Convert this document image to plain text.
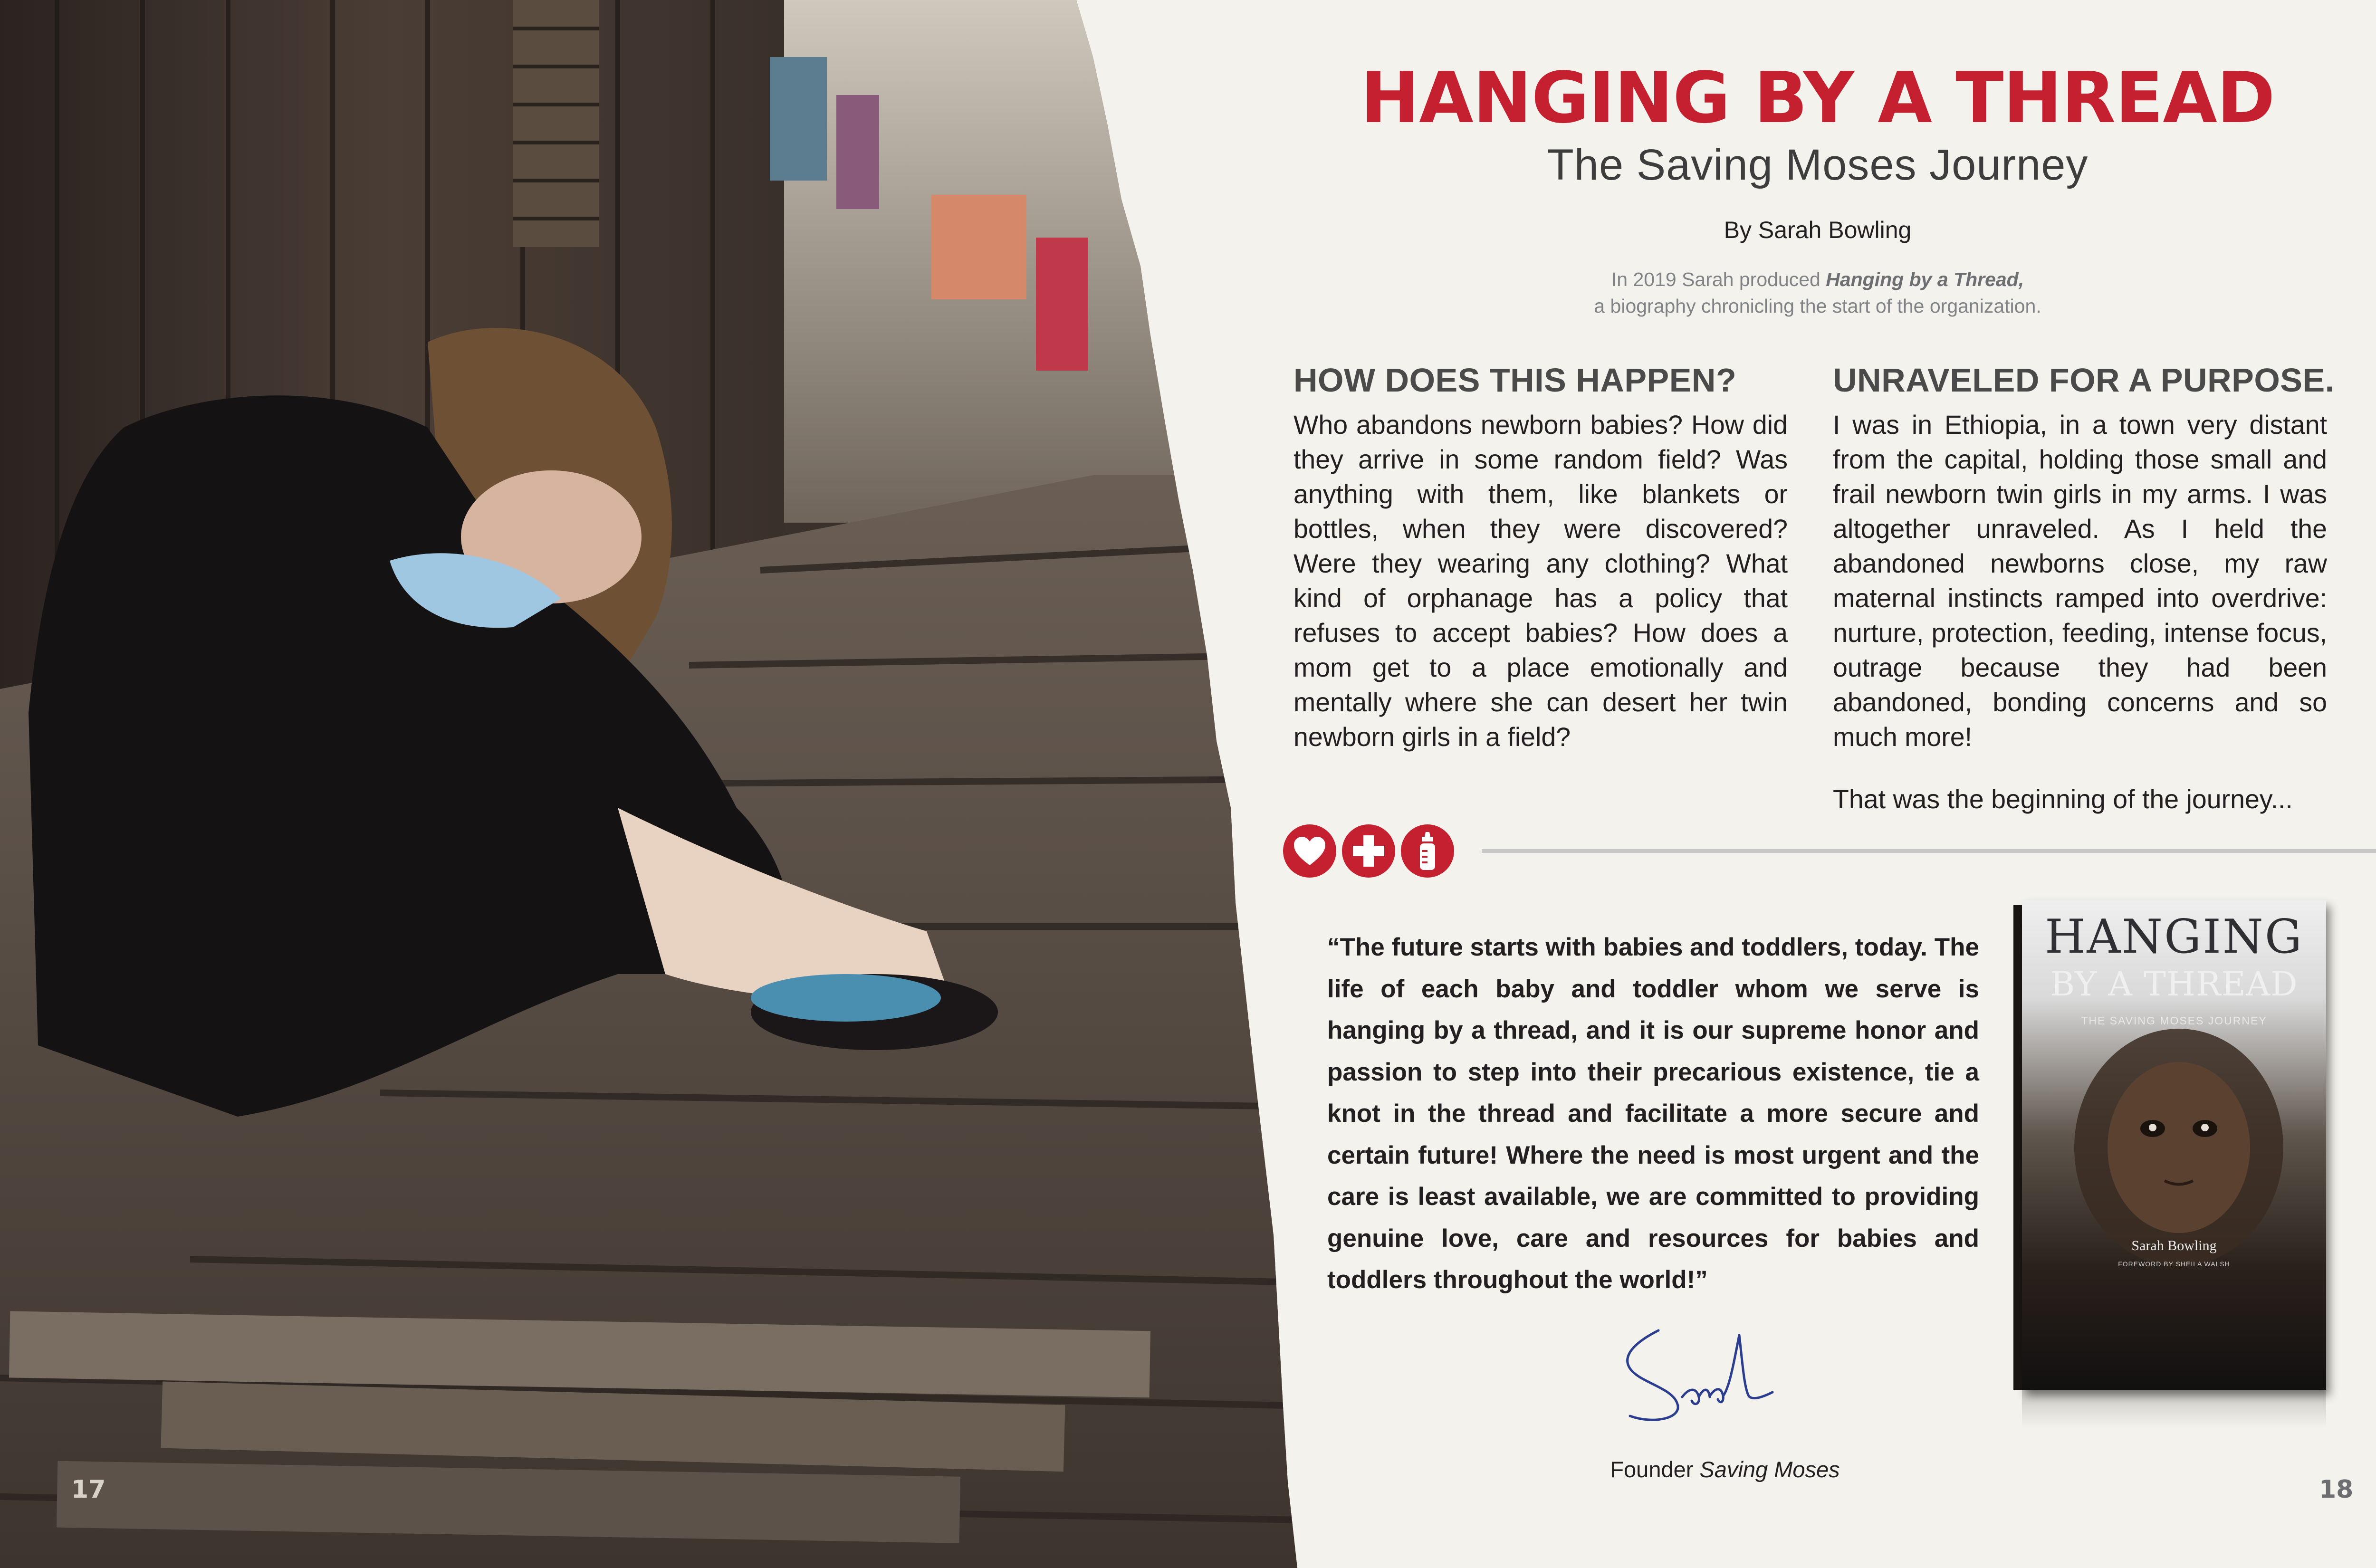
17
HANGING BY A THREAD
The Saving Moses Journey
By Sarah Bowling
In 2019 Sarah produced Hanging by a Thread,
a biography chronicling the start of the organization.
HOW DOES THIS HAPPEN?

Who abandons newborn babies? How did they arrive in some random field? Was anything with them, like blankets or bottles, when they were discovered? Were they wearing any clothing? What kind of orphanage has a policy that refuses to accept babies? How does a mom get to a place emotionally and mentally where she can desert her twin newborn girls in a field?

UNRAVELED FOR A PURPOSE.

I was in Ethiopia, in a town very distant from the capital, holding those small and frail newborn twin girls in my arms. I was altogether unraveled. As I held the abandoned newborns close, my raw maternal instincts ramped into overdrive: nurture, protection, feeding, intense focus, outrage because they had been abandoned, bonding concerns and so much more!

That was the beginning of the journey...

“The future starts with babies and toddlers, today. The life of each baby and toddler whom we serve is hanging by a thread, and it is our supreme honor and passion to step into their precarious existence, tie a knot in the thread and facilitate a more secure and certain future! Where the need is most urgent and the care is least available, we are committed to providing genuine love, care and resources for babies and toddlers throughout the world!”
Founder Saving Moses
HANGING
BY A THREAD
THE SAVING MOSES JOURNEY
Sarah Bowling
FOREWORD BY SHEILA WALSH
18
